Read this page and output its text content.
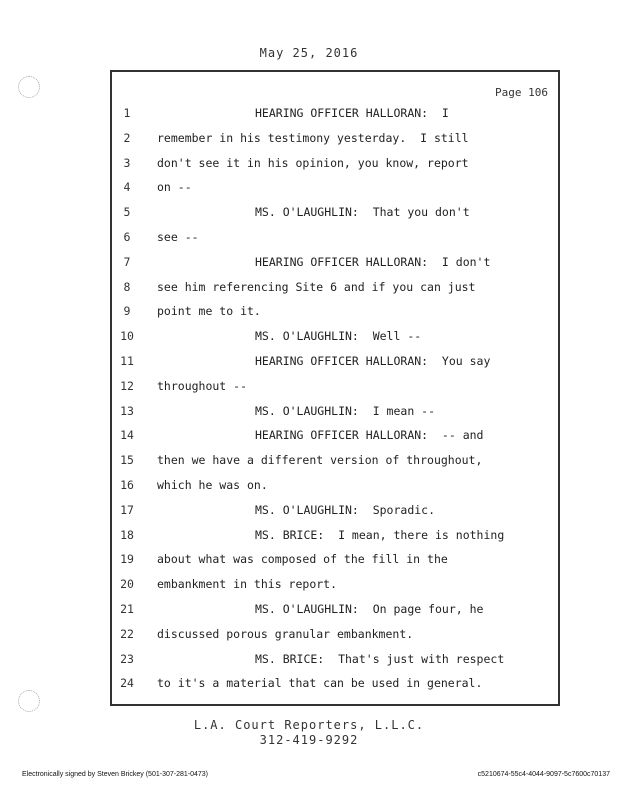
May 25, 2016
Page 106
1	HEARING OFFICER HALLORAN:  I
2	remember in his testimony yesterday.  I still
3	don't see it in his opinion, you know, report
4	on --
5	MS. O'LAUGHLIN:  That you don't
6	see --
7	HEARING OFFICER HALLORAN:  I don't
8	see him referencing Site 6 and if you can just
9	point me to it.
10	MS. O'LAUGHLIN:  Well --
11	HEARING OFFICER HALLORAN:  You say
12	throughout --
13	MS. O'LAUGHLIN:  I mean --
14	HEARING OFFICER HALLORAN:  -- and
15	then we have a different version of throughout,
16	which he was on.
17	MS. O'LAUGHLIN:  Sporadic.
18	MS. BRICE:  I mean, there is nothing
19	about what was composed of the fill in the
20	embankment in this report.
21	MS. O'LAUGHLIN:  On page four, he
22	discussed porous granular embankment.
23	MS. BRICE:  That's just with respect
24	to it's a material that can be used in general.
L.A. Court Reporters, L.L.C.
312-419-9292
Electronically signed by Steven Brickey (501-307-281-0473)	c5210674-55c4-4044-9097-5c7600c70137
